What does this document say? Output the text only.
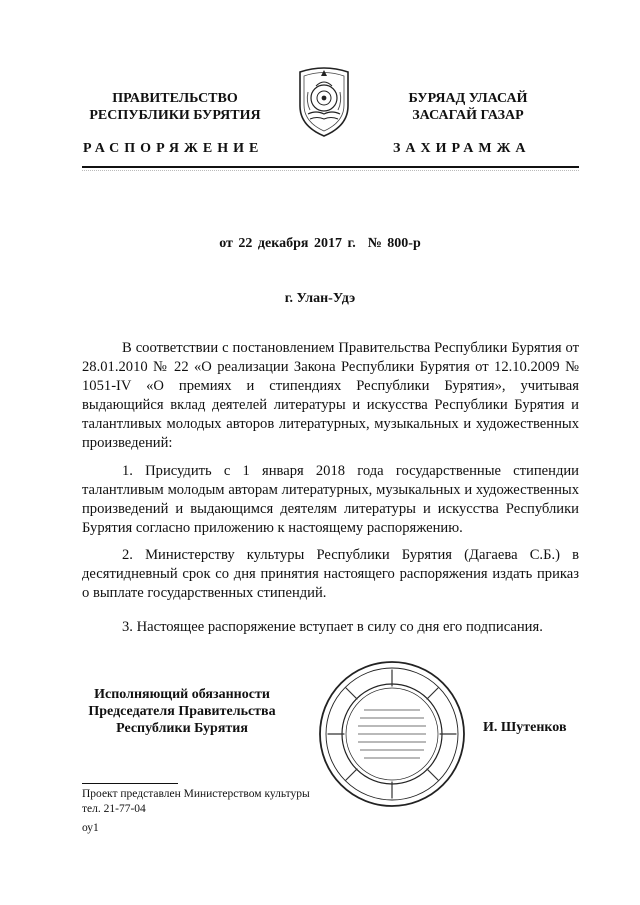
ПРАВИТЕЛЬСТВО
РЕСПУБЛИКИ БУРЯТИЯ
БУРЯАД УЛАСАЙ
ЗАСАГАЙ ГАЗАР
РАСПОРЯЖЕНИЕ	ЗАХИРАМЖА
от 22 декабря 2017 г. № 800-р
г. Улан-Удэ

В соответствии с постановлением Правительства Республики Бурятия от 28.01.2010 № 22 «О реализации Закона Республики Бурятия от 12.10.2009 № 1051-IV «О премиях и стипендиях Республики Бурятия», учитывая выдающийся вклад деятелей литературы и искусства Республики Бурятия и талантливых молодых авторов литературных, музыкальных и художественных произведений:

1. Присудить с 1 января 2018 года государственные стипендии талантливым молодым авторам литературных, музыкальных и художественных произведений и выдающимся деятелям литературы и искусства Республики Бурятия согласно приложению к настоящему распоряжению.

2. Министерству культуры Республики Бурятия (Дагаева С.Б.) в десятидневный срок со дня принятия настоящего распоряжения издать приказ о выплате государственных стипендий.

3. Настоящее распоряжение вступает в силу со дня его подписания.

Исполняющий обязанности
Председателя Правительства
Республики Бурятия	И. Шутенков
Проект представлен Министерством культуры
тел. 21-77-04
оу1
